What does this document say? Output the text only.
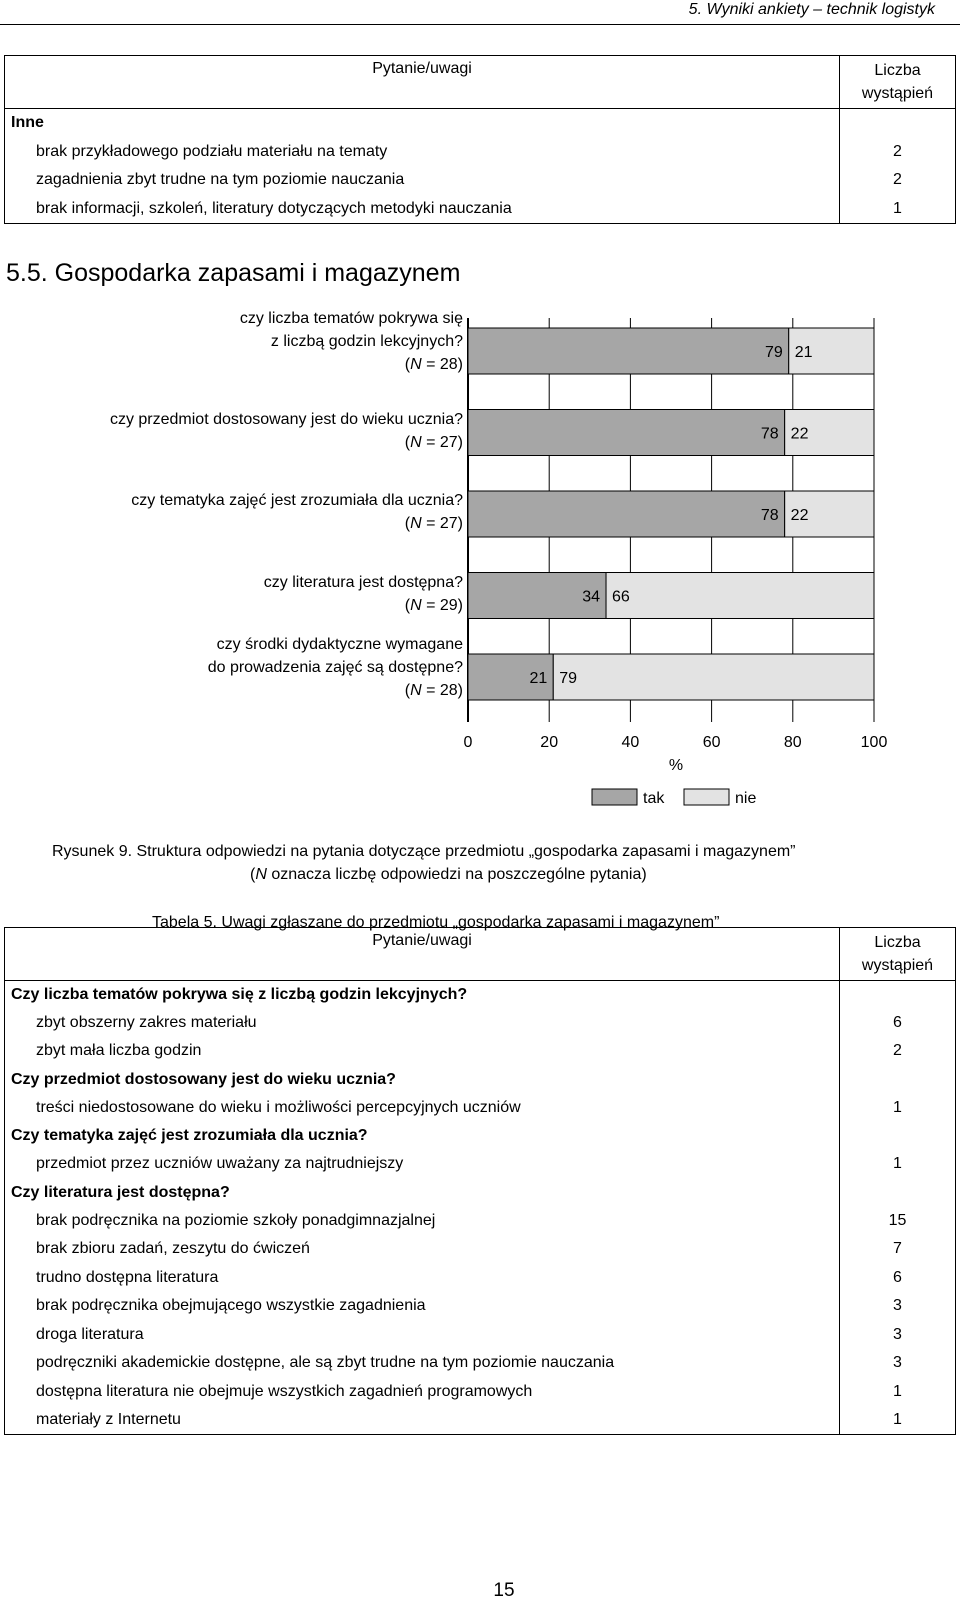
5. Wyniki ankiety – technik logistyk
Pytanie/uwagi	Liczba wystąpień
Inne	
brak przykładowego podziału materiału na tematy	2
zagadnienia zbyt trudne na tym poziomie nauczania	2
brak informacji, szkoleń, literatury dotyczących metodyki nauczania	1
5.5. Gospodarka zapasami i magazynem
79 21
78 22
78 22
34 66
21 79
0	20	40	60	80	100
%
tak	nie
czy liczba tematów pokrywa się
z liczbą godzin lekcyjnych?
(N = 28)
czy przedmiot dostosowany jest do wieku ucznia?
(N = 27)
czy tematyka zajęć jest zrozumiała dla ucznia?
(N = 27)
czy literatura jest dostępna?
(N = 29)
czy środki dydaktyczne wymagane
do prowadzenia zajęć są dostępne?
(N = 28)
Rysunek 9. Struktura odpowiedzi na pytania dotyczące przedmiotu „gospodarka zapasami i magazynem”
(N oznacza liczbę odpowiedzi na poszczególne pytania)
Tabela 5. Uwagi zgłaszane do przedmiotu „gospodarka zapasami i magazynem”
Pytanie/uwagi	Liczba wystąpień
Czy liczba tematów pokrywa się z liczbą godzin lekcyjnych?	
zbyt obszerny zakres materiału	6
zbyt mała liczba godzin	2
Czy przedmiot dostosowany jest do wieku ucznia?	
treści niedostosowane do wieku i możliwości percepcyjnych uczniów	1
Czy tematyka zajęć jest zrozumiała dla ucznia?	
przedmiot przez uczniów uważany za najtrudniejszy	1
Czy literatura jest dostępna?	
brak podręcznika na poziomie szkoły ponadgimnazjalnej	15
brak zbioru zadań, zeszytu do ćwiczeń	7
trudno dostępna literatura	6
brak podręcznika obejmującego wszystkie zagadnienia	3
droga literatura	3
podręczniki akademickie dostępne, ale są zbyt trudne na tym poziomie nauczania	3
dostępna literatura nie obejmuje wszystkich zagadnień programowych	1
materiały z Internetu	1
15
